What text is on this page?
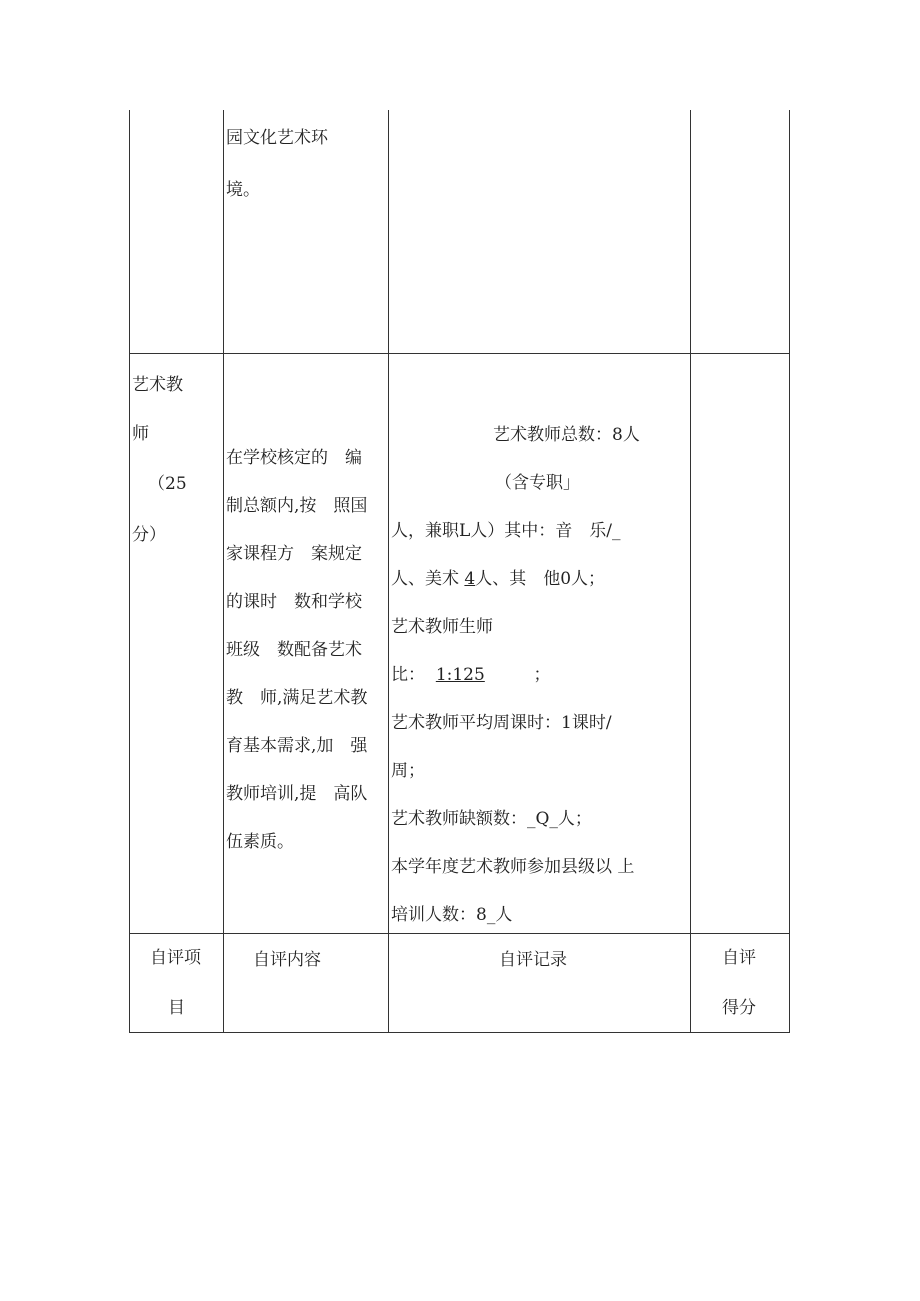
园文化艺术环
境。
艺术教
师
（25
分）
在学校核定的　编
制总额内,按　照国
家课程方　案规定
的课时　数和学校
班级　数配备艺术
教　师,满足艺术教
育基本需求,加　强
教师培训,提　高队
伍素质。
艺术教师总数：8人
（含专职」
人，兼职L人）其中：音　乐/_
人、美术 4人、其　他0人；
艺术教师生师
比：  1:125         ；
艺术教师平均周课时：1课时/
周；
艺术教师缺额数：_Q_人；
本学年度艺术教师参加县级以 上
培训人数：8_人
自评项
目
自评内容	自评记录	自评
得分
